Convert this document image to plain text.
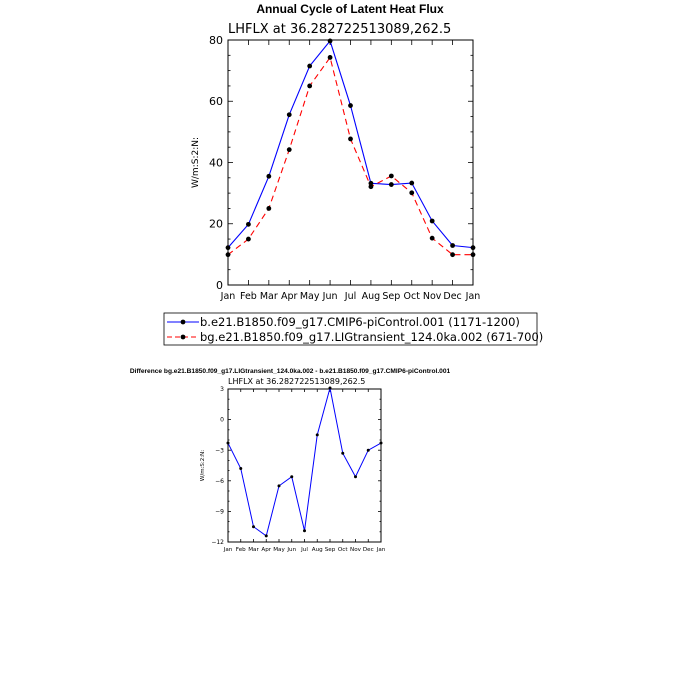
Annual Cycle of Latent Heat Flux
LHFLX at 36.282722513089,262.5
W/m:S:2:N:
0
20
40
60
80
Jan Feb Mar Apr May Jun Jul Aug Sep Oct Nov Dec Jan
b.e21.B1850.f09_g17.CMIP6-piControl.001 (1171-1200)
bg.e21.B1850.f09_g17.LIGtransient_124.0ka.002 (671-700)
Difference bg.e21.B1850.f09_g17.LIGtransient_124.0ka.002 - b.e21.B1850.f09_g17.CMIP6-piControl.001
LHFLX at 36.282722513089,262.5
W/m:S:2:N:
−12
−9
−6
−3
0
3
Jan Feb Mar Apr May Jun Jul Aug Sep Oct Nov Dec Jan
